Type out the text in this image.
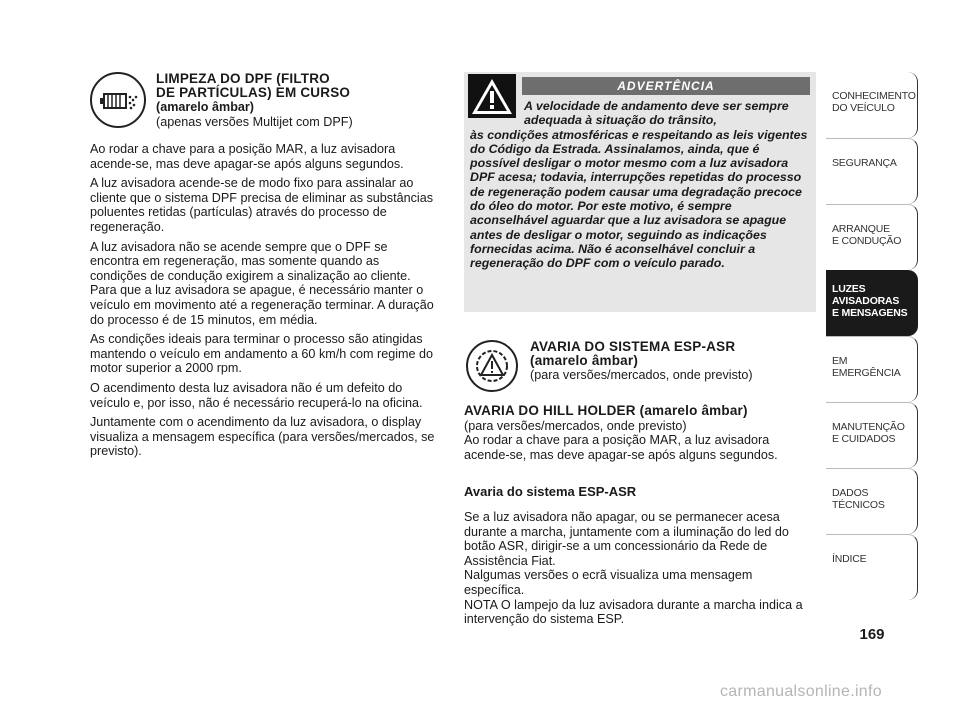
LIMPEZA DO DPF (FILTRO
DE PARTÍCULAS) EM CURSO
(amarelo âmbar)
(apenas versões Multijet com DPF)

Ao rodar a chave para a posição MAR, a luz avisadora acende-se, mas deve apagar-se após alguns segundos.

A luz avisadora acende-se de modo fixo para assinalar ao cliente que o sistema DPF precisa de eliminar as substâncias poluentes retidas (partículas) através do processo de regeneração.

A luz avisadora não se acende sempre que o DPF se encontra em regeneração, mas somente quando as condições de condução exigirem a sinalização ao cliente. Para que a luz avisadora se apague, é necessário manter o veículo em movimento até a regeneração terminar. A duração do processo é de 15 minutos, em média.

As condições ideais para terminar o processo são atingidas mantendo o veículo em andamento a 60 km/h com regime do motor superior a 2000 rpm.

O acendimento desta luz avisadora não é um defeito do veículo e, por isso, não é necessário recuperá-lo na oficina.

Juntamente com o acendimento da luz avisadora, o display visualiza a mensagem específica (para versões/mercados, se previsto).

ADVERTÊNCIA
A velocidade de andamento deve ser sempre adequada à situação do trânsito,
às condições atmosféricas e respeitando as leis vigentes do Código da Estrada. Assinalamos, ainda, que é possível desligar o motor mesmo com a luz avisadora DPF acesa; todavia, interrupções repetidas do processo de regeneração podem causar uma degradação precoce do óleo do motor. Por este motivo, é sempre aconselhável aguardar que a luz avisadora se apague antes de desligar o motor, seguindo as indicações fornecidas acima. Não é aconselhável concluir a regeneração do DPF com o veículo parado.
AVARIA DO SISTEMA ESP-ASR
(amarelo âmbar)
(para versões/mercados, onde previsto)
AVARIA DO HILL HOLDER (amarelo âmbar)
(para versões/mercados, onde previsto)
Ao rodar a chave para a posição MAR, a luz avisadora acende-se, mas deve apagar-se após alguns segundos.
Avaria do sistema ESP-ASR
Se a luz avisadora não apagar, ou se permanecer acesa durante a marcha, juntamente com a iluminação do led do botão ASR, dirigir-se a um concessionário da Rede de Assistência Fiat.
Nalgumas versões o ecrã visualiza uma mensagem específica.
NOTA O lampejo da luz avisadora durante a marcha indica a intervenção do sistema ESP.
CONHECIMENTO
DO VEÍCULO
SEGURANÇA
ARRANQUE
E CONDUÇÃO
LUZES
AVISADORAS
E MENSAGENS
EM EMERGÊNCIA
MANUTENÇÃO
E CUIDADOS
DADOS
TÉCNICOS
ÍNDICE
169
carmanualsonline.info
